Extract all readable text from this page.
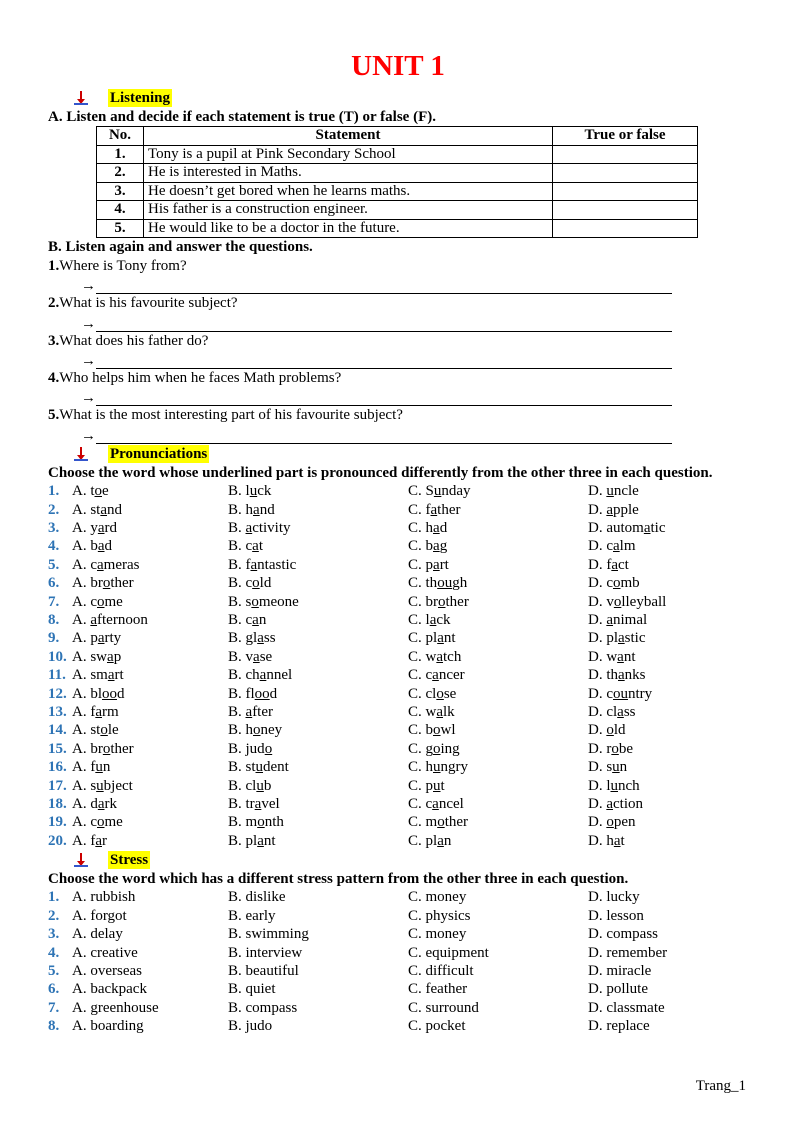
UNIT 1
Listening
A. Listen and decide if each statement is true (T) or false (F).
No.	Statement	True or false
1.	Tony is a pupil at Pink Secondary School	
2.	He is interested in Maths.	
3.	He doesn’t get bored when he learns maths.	
4.	His father is a construction engineer.	
5.	He would like to be a doctor in the future.	
B. Listen again and answer the questions.
1.Where is Tony from?
→
2.What is his favourite subject?
→
3.What does his father do?
→
4.Who helps him when he faces Math problems?
→
5.What is the most interesting part of his favourite subject?
→
Pronunciations
Choose the word whose underlined part is pronounced differently from the other three in each question.
1. A. toe	B. luck	C. Sunday	D. uncle
2. A. stand	B. hand	C. father	D. apple
3. A. yard	B. activity	C. had	D. automatic
4. A. bad	B. cat	C. bag	D. calm
5. A. cameras	B. fantastic	C. part	D. fact
6. A. brother	B. cold	C. though	D. comb
7. A. come	B. someone	C. brother	D. volleyball
8. A. afternoon	B. can	C. lack	D. animal
9. A. party	B. glass	C. plant	D. plastic
10. A. swap	B. vase	C. watch	D. want
11. A. smart	B. channel	C. cancer	D. thanks
12. A. blood	B. flood	C. close	D. country
13. A. farm	B. after	C. walk	D. class
14. A. stole	B. honey	C. bowl	D. old
15. A. brother	B. judo	C. going	D. robe
16. A. fun	B. student	C. hungry	D. sun
17. A. subject	B. club	C. put	D. lunch
18. A. dark	B. travel	C. cancel	D. action
19. A. come	B. month	C. mother	D. open
20. A. far	B. plant	C. plan	D. hat
Stress
Choose the word which has a different stress pattern from the other three in each question.
1. A. rubbish	B. dislike	C. money	D. lucky
2. A. forgot	B. early	C. physics	D. lesson
3. A. delay	B. swimming	C. money	D. compass
4. A. creative	B. interview	C. equipment	D. remember
5. A. overseas	B. beautiful	C. difficult	D. miracle
6. A. backpack	B. quiet	C. feather	D. pollute
7. A. greenhouse	B. compass	C. surround	D. classmate
8. A. boarding	B. judo	C. pocket	D. replace
Trang_1
